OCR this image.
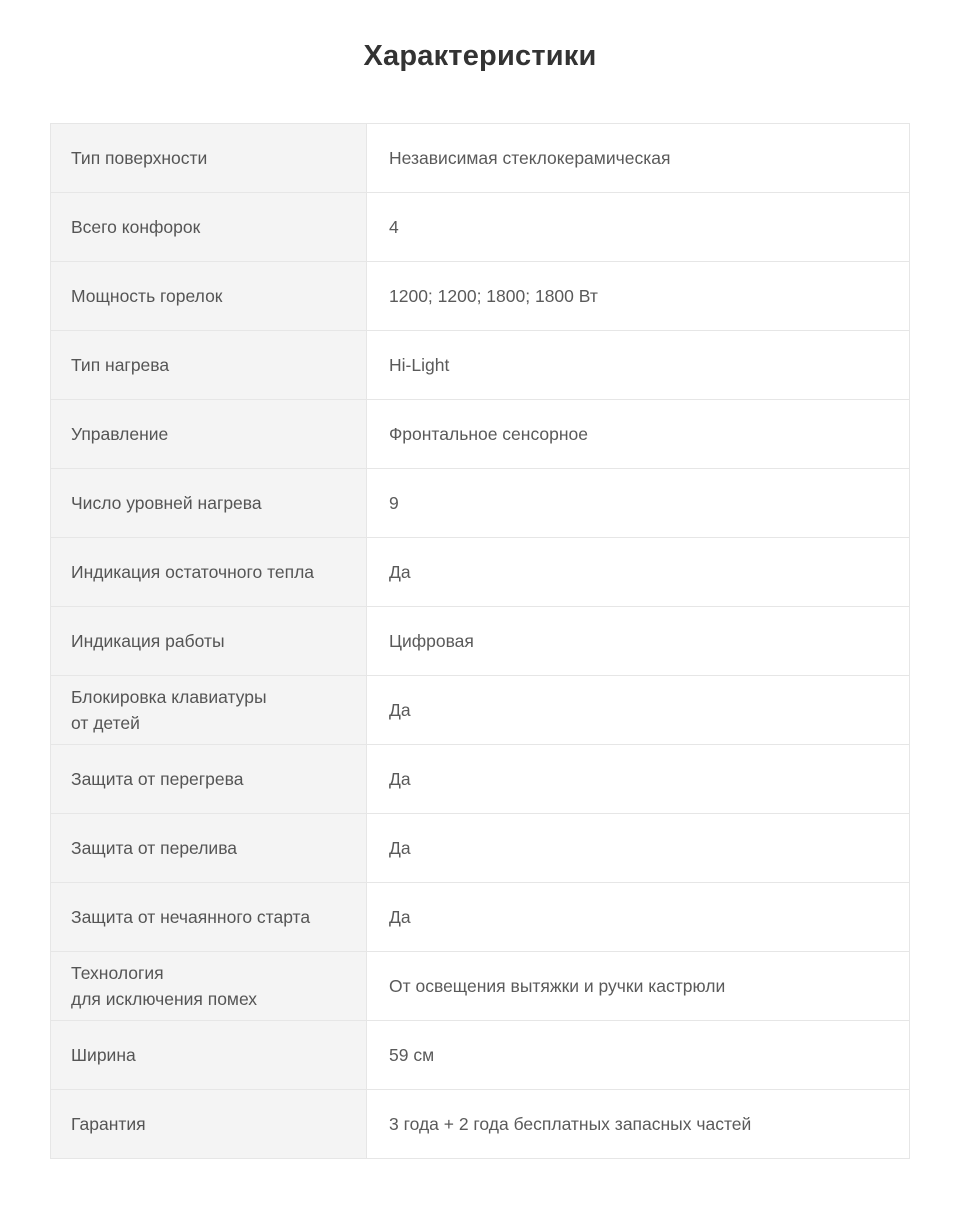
Характеристики
Тип поверхности	Независимая стеклокерамическая

Всего конфорок	4

Мощность горелок	1200; 1200; 1800; 1800 Вт

Тип нагрева	Hi-Light

Управление	Фронтальное сенсорное

Число уровней нагрева	9

Индикация остаточного тепла	Да

Индикация работы	Цифровая

Блокировка клавиатуры
от детей	Да

Защита от перегрева	Да

Защита от перелива	Да

Защита от нечаянного старта	Да

Технология
для исключения помех	От освещения вытяжки и ручки кастрюли

Ширина	59 см

Гарантия	3 года + 2 года бесплатных запасных частей
